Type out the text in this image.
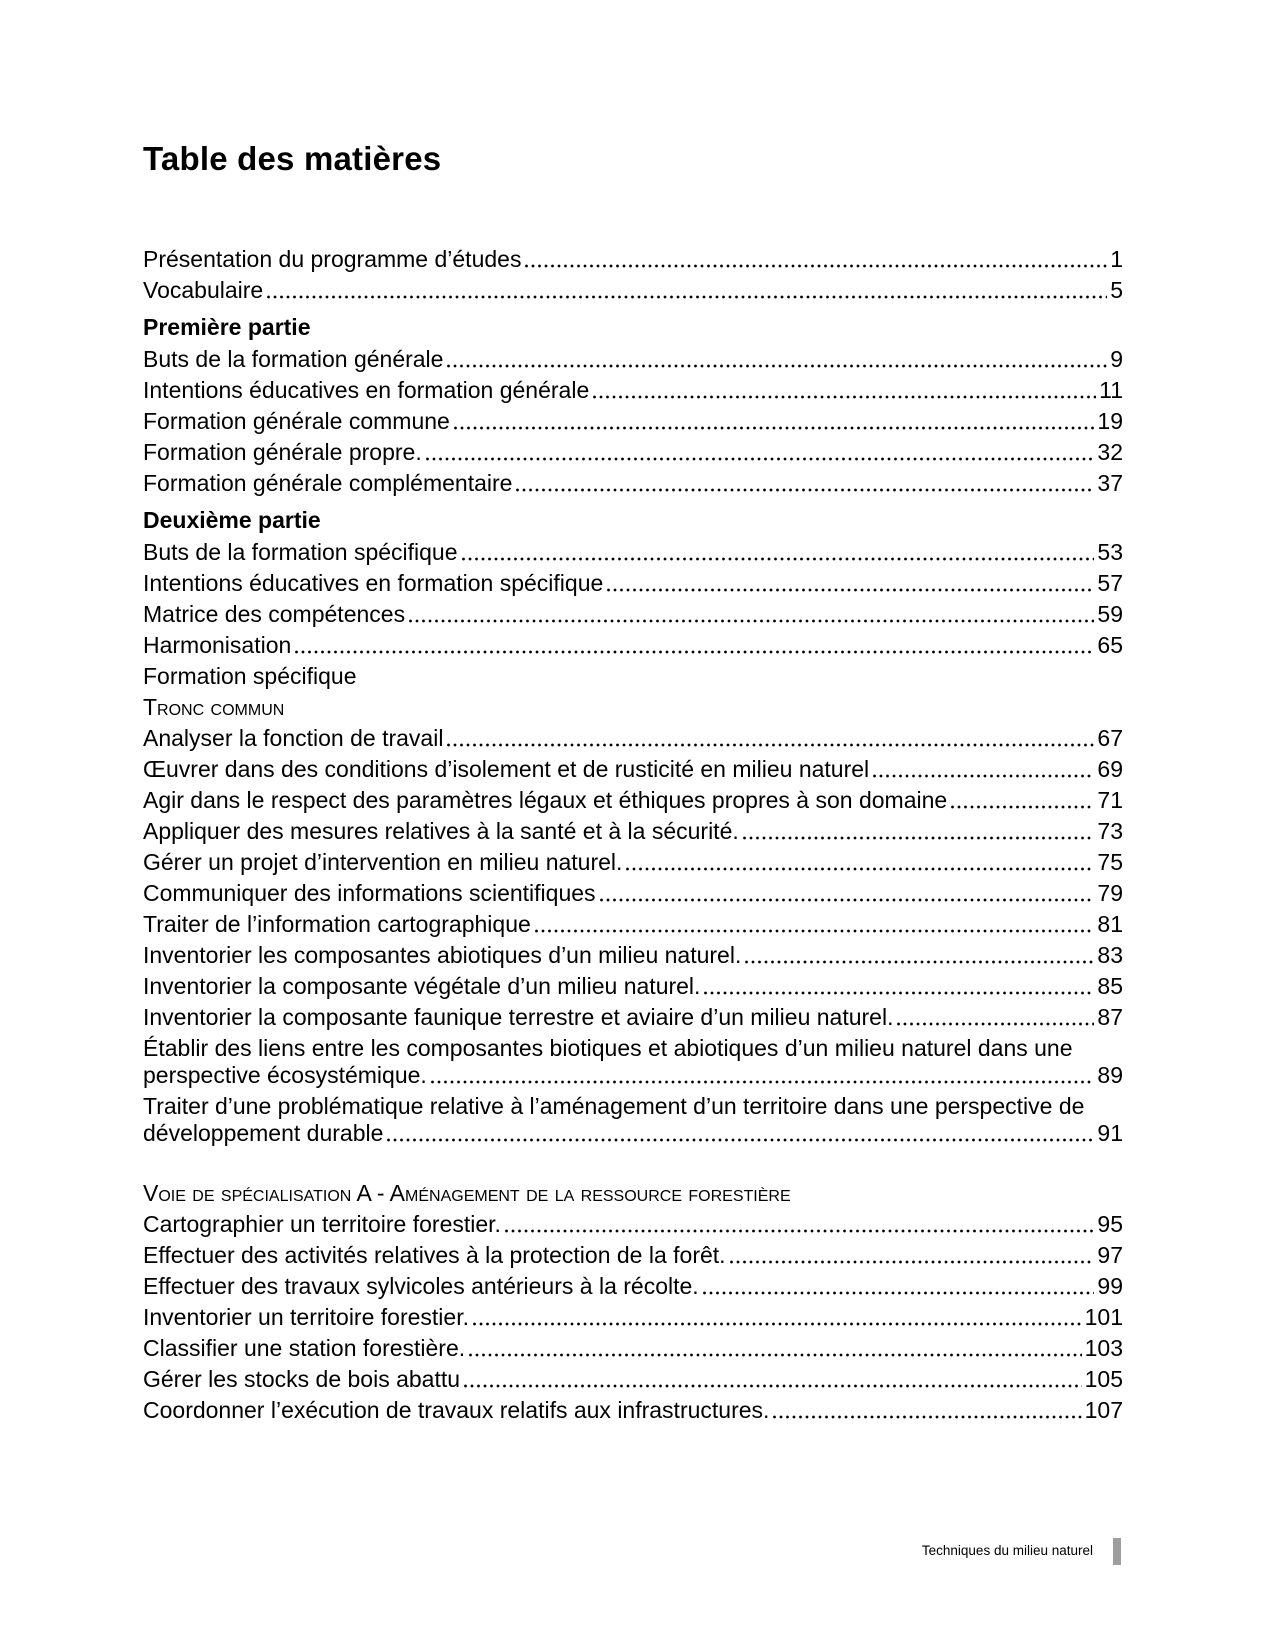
Table des matières
Présentation du programme d’études	1
Vocabulaire	5
Première partie
Buts de la formation générale	9
Intentions éducatives en formation générale	11
Formation générale commune	19
Formation générale propre.	32
Formation générale complémentaire	37
Deuxième partie
Buts de la formation spécifique	53
Intentions éducatives en formation spécifique	57
Matrice des compétences	59
Harmonisation	65
Formation spécifique
Tronc commun
Analyser la fonction de travail	67
Œuvrer dans des conditions d’isolement et de rusticité en milieu naturel	69
Agir dans le respect des paramètres légaux et éthiques propres à son domaine	71
Appliquer des mesures relatives à la santé et à la sécurité.	73
Gérer un projet d’intervention en milieu naturel.	75
Communiquer des informations scientifiques	79
Traiter de l’information cartographique	81
Inventorier les composantes abiotiques d’un milieu naturel.	83
Inventorier la composante végétale d’un milieu naturel.	85
Inventorier la composante faunique terrestre et aviaire d’un milieu naturel.	87
Établir des liens entre les composantes biotiques et abiotiques d’un milieu naturel dans une
perspective écosystémique.	89
Traiter d’une problématique relative à l’aménagement d’un territoire dans une perspective de
développement durable	91
Voie de spécialisation A - Aménagement de la ressource forestière
Cartographier un territoire forestier.	95
Effectuer des activités relatives à la protection de la forêt.	97
Effectuer des travaux sylvicoles antérieurs à la récolte.	99
Inventorier un territoire forestier.	101
Classifier une station forestière.	103
Gérer les stocks de bois abattu	105
Coordonner l’exécution de travaux relatifs aux infrastructures.	107
Techniques du milieu naturel
